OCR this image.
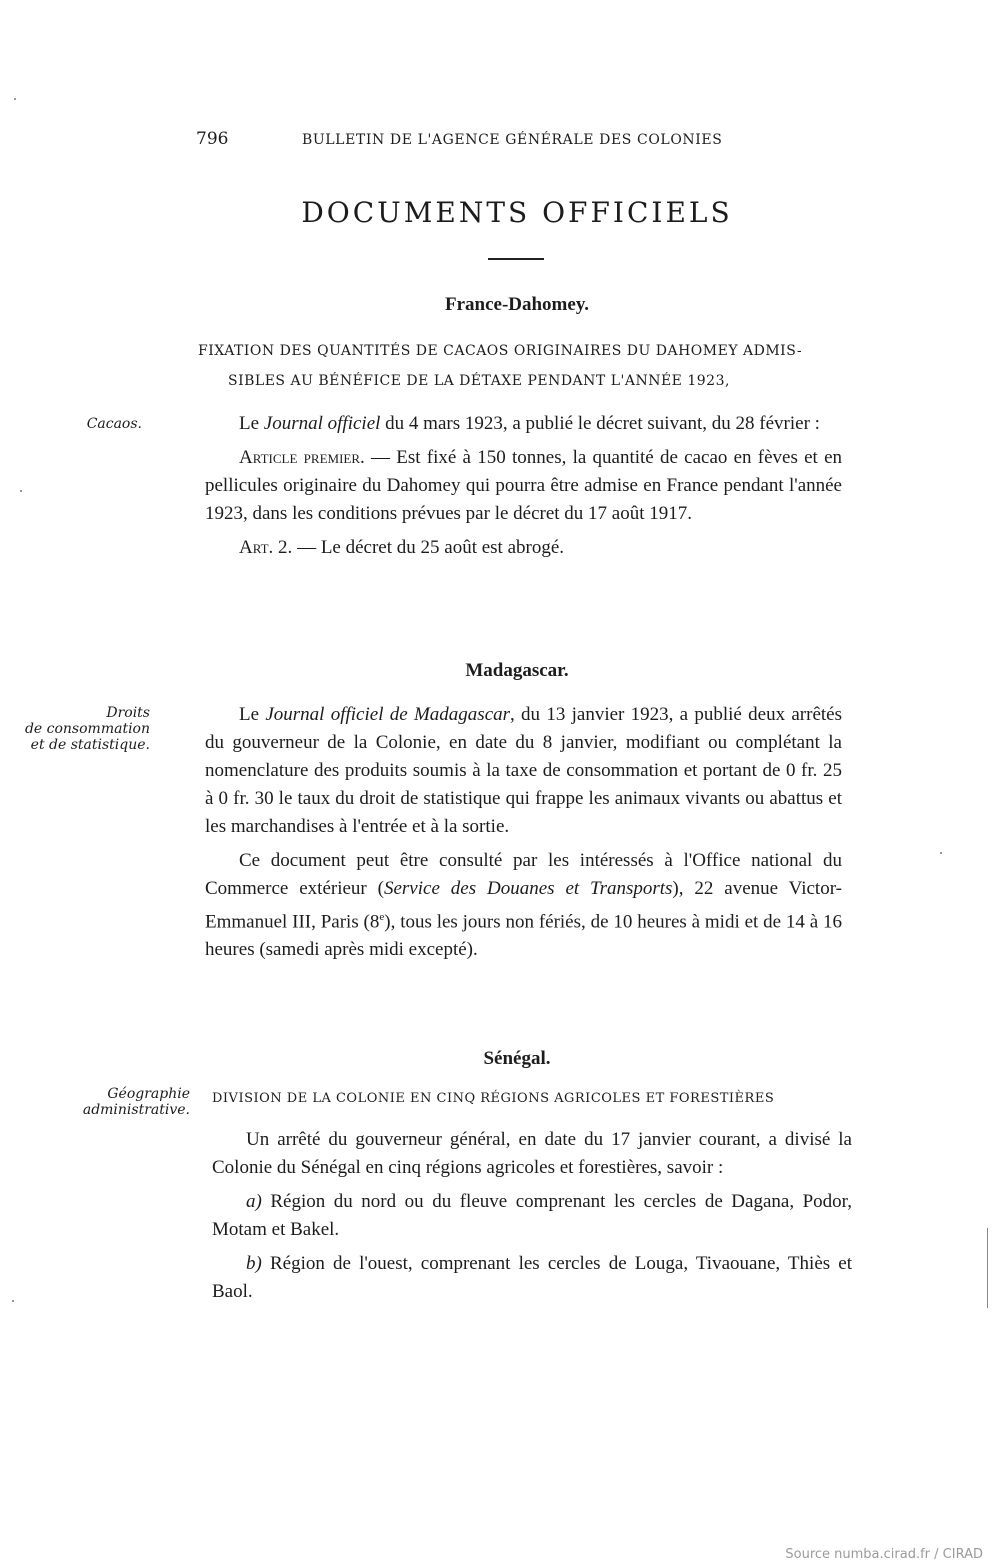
796	BULLETIN DE L'AGENCE GÉNÉRALE DES COLONIES
DOCUMENTS OFFICIELS
France-Dahomey.
FIXATION DES QUANTITÉS DE CACAOS ORIGINAIRES DU DAHOMEY ADMIS-
SIBLES AU BÉNÉFICE DE LA DÉTAXE PENDANT L'ANNÉE 1923,
Cacaos.	Le Journal officiel du 4 mars 1923, a publié le décret suivant, du 28 février :

Article premier. — Est fixé à 150 tonnes, la quantité de cacao en fèves et en pellicules originaire du Dahomey qui pourra être admise en France pendant l'année 1923, dans les conditions prévues par le décret du 17 août 1917.

Art. 2. — Le décret du 25 août est abrogé.

Madagascar.
Droits
de consommation
et de statistique.

Le Journal officiel de Madagascar, du 13 janvier 1923, a publié deux arrêtés du gouverneur de la Colonie, en date du 8 janvier, modifiant ou complétant la nomenclature des produits soumis à la taxe de consommation et portant de 0 fr. 25 à 0 fr. 30 le taux du droit de statistique qui frappe les animaux vivants ou abattus et les marchandises à l'entrée et à la sortie.

Ce document peut être consulté par les intéressés à l'Office national du Commerce extérieur (Service des Douanes et Transports), 22 avenue Victor-Emmanuel III, Paris (8e), tous les jours non fériés, de 10 heures à midi et de 14 à 16 heures (samedi après midi excepté).

Sénégal.
Géographie
administrative.
DIVISION DE LA COLONIE EN CINQ RÉGIONS AGRICOLES ET FORESTIÈRES

Un arrêté du gouverneur général, en date du 17 janvier courant, a divisé la Colonie du Sénégal en cinq régions agricoles et forestières, savoir :

a) Région du nord ou du fleuve comprenant les cercles de Dagana, Podor, Motam et Bakel.

b) Région de l'ouest, comprenant les cercles de Louga, Tivaouane, Thiès et Baol.

Source numba.cirad.fr / CIRAD
